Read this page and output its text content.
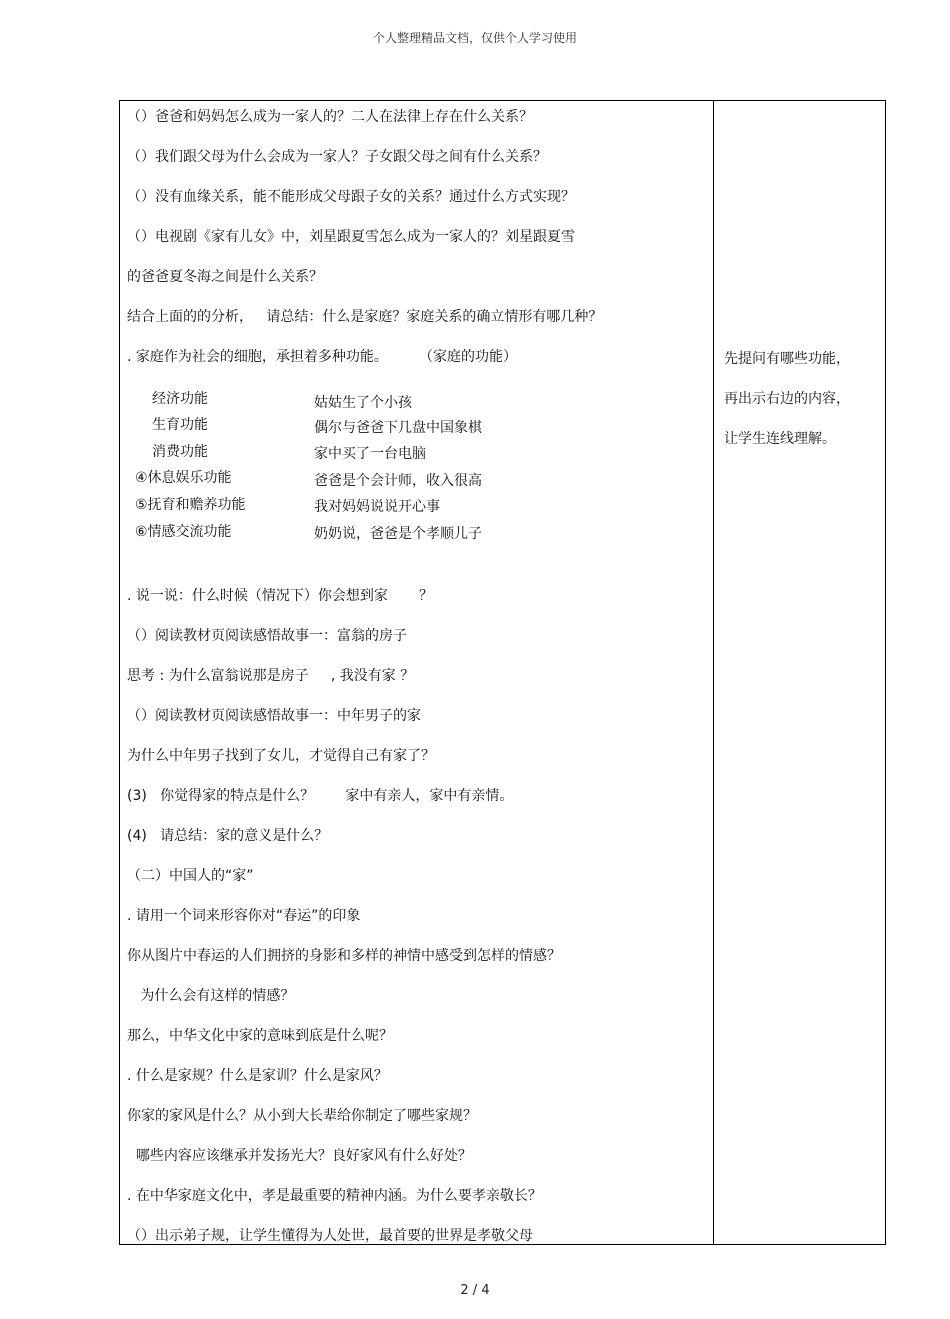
个人整理精品文档，仅供个人学习使用
（）爸爸和妈妈怎么成为一家人的？二人在法律上存在什么关系？
（）我们跟父母为什么会成为一家人？子女跟父母之间有什么关系？
（）没有血缘关系，能不能形成父母跟子女的关系？通过什么方式实现？
（）电视剧《家有儿女》中，刘星跟夏雪怎么成为一家人的？刘星跟夏雪
的爸爸夏冬海之间是什么关系？
结合上面的的分析，   请总结：什么是家庭？家庭关系的确立情形有哪几种？
. 家庭作为社会的细胞，承担着多种功能。       （家庭的功能）
经济功能
生育功能
消费功能
④休息娱乐功能
⑤抚育和赡养功能
⑥情感交流功能
姑姑生了个小孩
偶尔与爸爸下几盘中国象棋
家中买了一台电脑
爸爸是个会计师，收入很高
我对妈妈说说开心事
奶奶说，爸爸是个孝顺儿子
. 说一说：什么时候（情况下）你会想到家       ？
（）阅读教材页阅读感悟故事一：富翁的房子
思考 : 为什么富翁说那是房子     , 我没有家 ？
（）阅读教材页阅读感悟故事一：中年男子的家
为什么中年男子找到了女儿，才觉得自己有家了？
(3)   你觉得家的特点是什么？       家中有亲人，家中有亲情。
(4)   请总结：家的意义是什么？
（二）中国人的“家”
. 请用一个词来形容你对“春运”的印象
你从图片中春运的人们拥挤的身影和多样的神情中感受到怎样的情感？
为什么会有这样的情感？
那么，中华文化中家的意味到底是什么呢？
. 什么是家规？什么是家训？什么是家风？
你家的家风是什么？从小到大长辈给你制定了哪些家规？
哪些内容应该继承并发扬光大？良好家风有什么好处？
. 在中华家庭文化中，孝是最重要的精神内涵。为什么要孝亲敬长？
（）出示弟子规，让学生懂得为人处世，最首要的世界是孝敬父母
先提问有哪些功能，
再出示右边的内容，
让学生连线理解。
2 / 4
